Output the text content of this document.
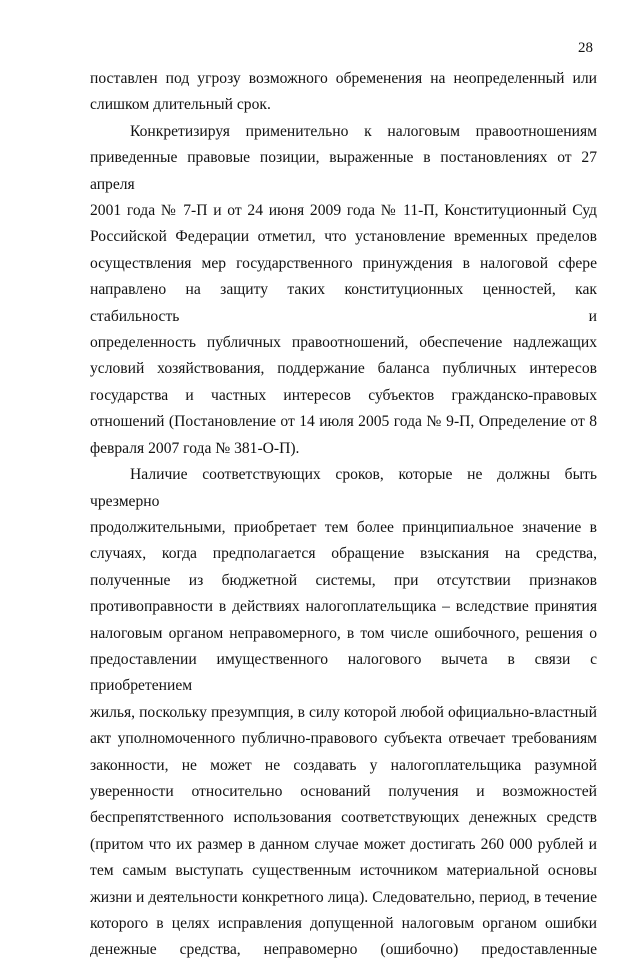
28

поставлен под угрозу возможного обременения на неопределенный или

слишком длительный срок.

Конкретизируя применительно к налоговым правоотношениям

приведенные правовые позиции, выраженные в постановлениях от 27 апреля

2001 года № 7-П и от 24 июня 2009 года № 11-П, Конституционный Суд

Российской Федерации отметил, что установление временных пределов

осуществления мер государственного принуждения в налоговой сфере

направлено на защиту таких конституционных ценностей, как стабильность и

определенность публичных правоотношений, обеспечение надлежащих

условий хозяйствования, поддержание баланса публичных интересов

государства и частных интересов субъектов гражданско-правовых

отношений (Постановление от 14 июля 2005 года № 9-П, Определение от 8

февраля 2007 года № 381-О-П).

Наличие соответствующих сроков, которые не должны быть чрезмерно

продолжительными, приобретает тем более принципиальное значение в

случаях, когда предполагается обращение взыскания на средства,

полученные из бюджетной системы, при отсутствии признаков

противоправности в действиях налогоплательщика – вследствие принятия

налоговым органом неправомерного, в том числе ошибочного, решения о

предоставлении имущественного налогового вычета в связи с приобретением

жилья, поскольку презумпция, в силу которой любой официально-властный

акт уполномоченного публично-правового субъекта отвечает требованиям

законности, не может не создавать у налогоплательщика разумной

уверенности относительно оснований получения и возможностей

беспрепятственного использования соответствующих денежных средств

(притом что их размер в данном случае может достигать 260 000 рублей и

тем самым выступать существенным источником материальной основы

жизни и деятельности конкретного лица). Следовательно, период, в течение

которого в целях исправления допущенной налоговым органом ошибки

денежные средства, неправомерно (ошибочно) предоставленные
